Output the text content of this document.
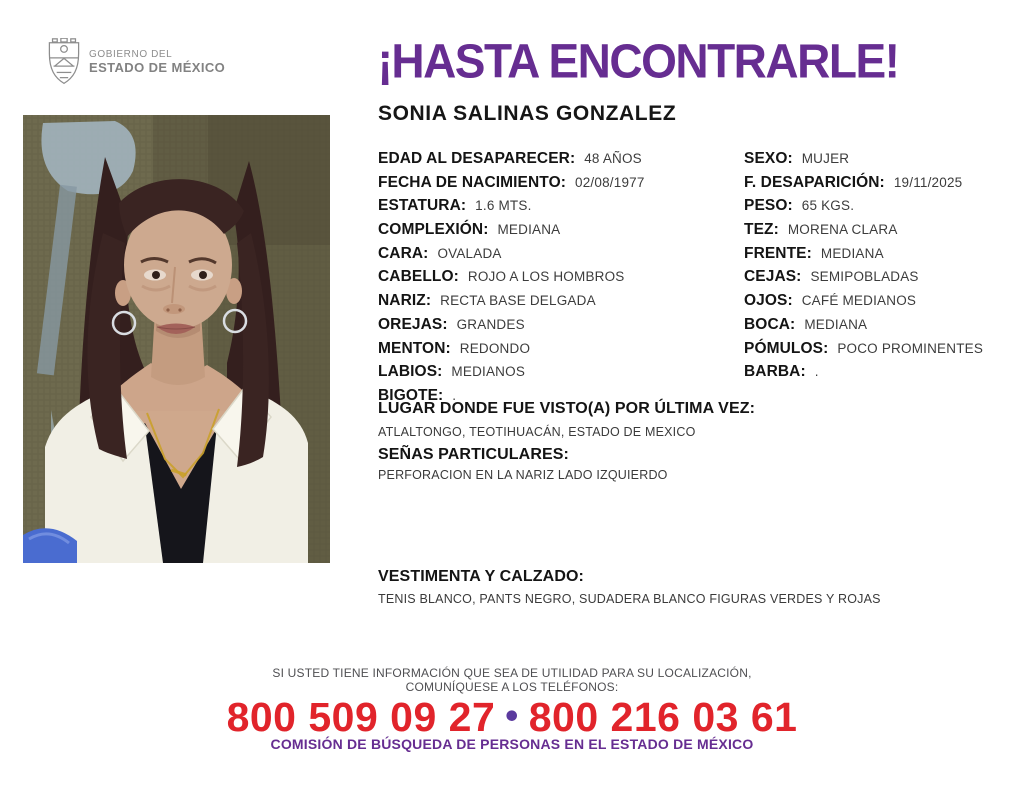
GOBIERNO DEL
ESTADO DE MÉXICO	¡HASTA ENCONTRARLE!
SONIA SALINAS GONZALEZ
EDAD AL DESAPARECER: 48 AÑOS
FECHA DE NACIMIENTO: 02/08/1977
ESTATURA: 1.6 MTS.
COMPLEXIÓN: MEDIANA
CARA: OVALADA
CABELLO: ROJO A LOS HOMBROS
NARIZ: RECTA BASE DELGADA
OREJAS: GRANDES
MENTON: REDONDO
LABIOS: MEDIANOS
BIGOTE: .
SEXO: MUJER
F. DESAPARICIÓN: 19/11/2025
PESO: 65 KGS.
TEZ: MORENA CLARA
FRENTE: MEDIANA
CEJAS: SEMIPOBLADAS
OJOS: CAFÉ MEDIANOS
BOCA: MEDIANA
PÓMULOS: POCO PROMINENTES
BARBA: .
LUGAR DONDE FUE VISTO(A) POR ÚLTIMA VEZ:
ATLALTONGO, TEOTIHUACÁN, ESTADO DE MEXICO
SEÑAS PARTICULARES:
PERFORACION EN LA NARIZ LADO IZQUIERDO
VESTIMENTA Y CALZADO:
TENIS BLANCO, PANTS NEGRO, SUDADERA BLANCO FIGURAS VERDES Y ROJAS
SI USTED TIENE INFORMACIÓN QUE SEA DE UTILIDAD PARA SU LOCALIZACIÓN,
COMUNÍQUESE A LOS TELÉFONOS:
800 509 09 27 • 800 216 03 61
COMISIÓN DE BÚSQUEDA DE PERSONAS EN EL ESTADO DE MÉXICO
